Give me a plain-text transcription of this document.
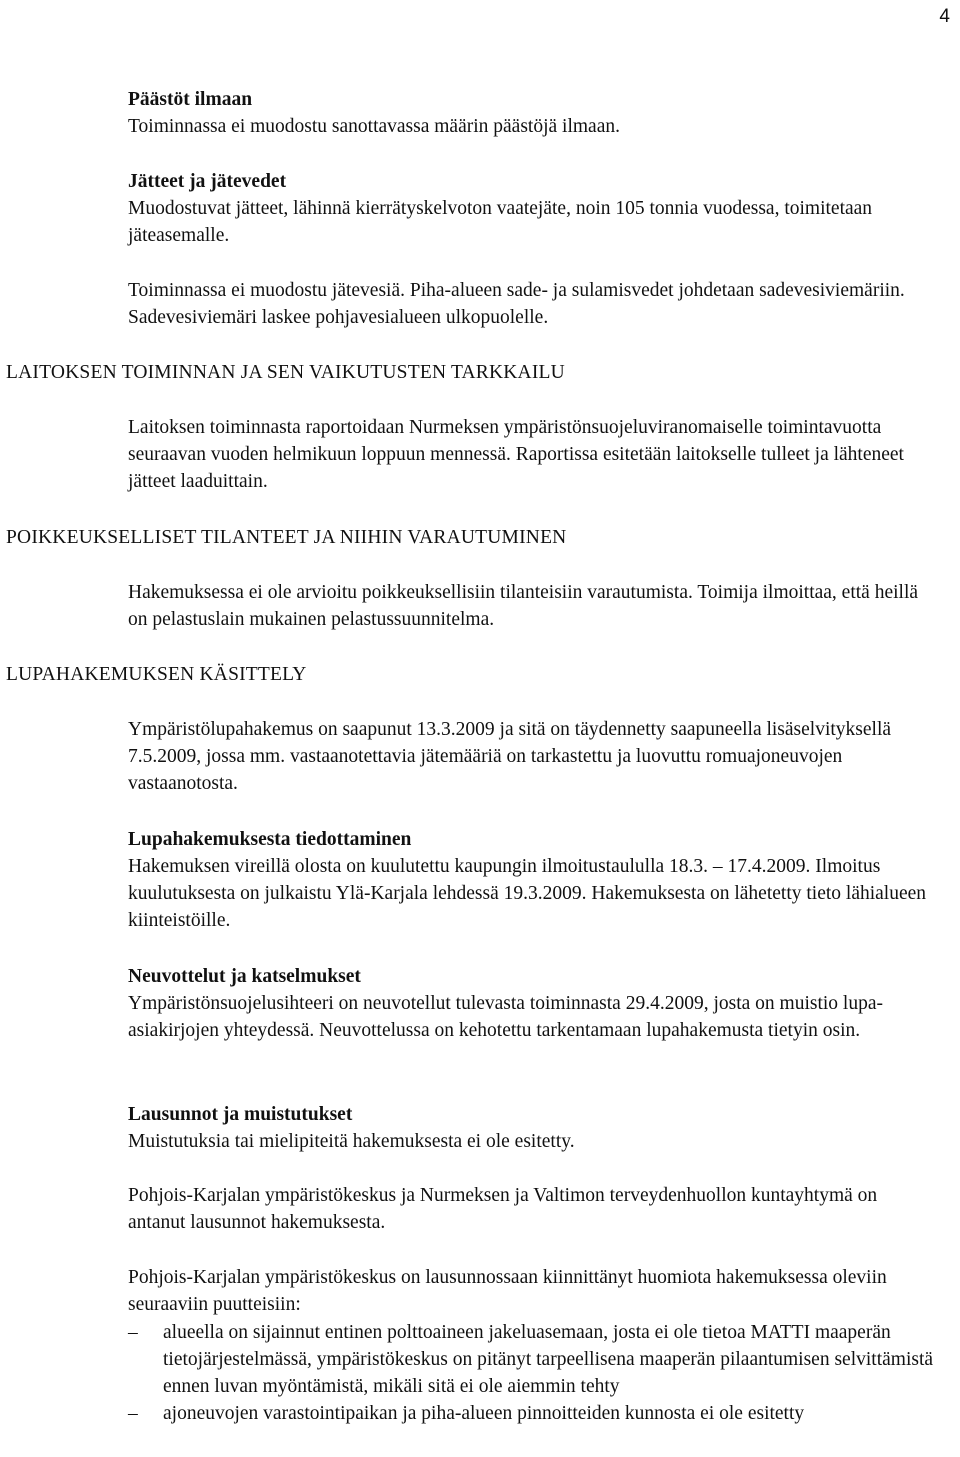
4

Päästöt ilmaan

Toiminnassa ei muodostu sanottavassa määrin päästöjä ilmaan.

Jätteet ja jätevedet

Muodostuvat jätteet, lähinnä kierrätyskelvoton vaatejäte, noin 105 tonnia vuodessa, toimitetaan jäteasemalle.

Toiminnassa ei muodostu jätevesiä. Piha-alueen sade- ja sulamisvedet johdetaan sadevesiviemäriin. Sadevesiviemäri laskee pohjavesialueen ulkopuolelle.

LAITOKSEN TOIMINNAN JA SEN VAIKUTUSTEN TARKKAILU

Laitoksen toiminnasta raportoidaan Nurmeksen ympäristönsuojeluviranomaiselle toimintavuotta seuraavan vuoden helmikuun loppuun mennessä. Raportissa esitetään laitokselle tulleet ja lähteneet jätteet laaduittain.

POIKKEUKSELLISET TILANTEET JA NIIHIN VARAUTUMINEN

Hakemuksessa ei ole arvioitu poikkeuksellisiin tilanteisiin varautumista. Toimija ilmoittaa, että heillä on pelastuslain mukainen pelastussuunnitelma.

LUPAHAKEMUKSEN KÄSITTELY

Ympäristölupahakemus on saapunut 13.3.2009 ja sitä on täydennetty saapuneella lisäselvityksellä 7.5.2009, jossa mm. vastaanotettavia jätemääriä on tarkastettu ja luovuttu romuajoneuvojen vastaanotosta.

Lupahakemuksesta tiedottaminen

Hakemuksen vireillä olosta on kuulutettu kaupungin ilmoitustaululla 18.3. – 17.4.2009. Ilmoitus kuulutuksesta on julkaistu Ylä-Karjala lehdessä 19.3.2009. Hakemuksesta on lähetetty tieto lähialueen kiinteistöille.

Neuvottelut ja katselmukset

Ympäristönsuojelusihteeri on neuvotellut tulevasta toiminnasta 29.4.2009, josta on muistio lupa-asiakirjojen yhteydessä. Neuvottelussa on kehotettu tarkentamaan lupahakemusta tietyin osin.

Lausunnot ja muistutukset

Muistutuksia tai mielipiteitä hakemuksesta ei ole esitetty.

Pohjois-Karjalan ympäristökeskus ja Nurmeksen ja Valtimon terveydenhuollon kuntayhtymä on antanut lausunnot hakemuksesta.

Pohjois-Karjalan ympäristökeskus on lausunnossaan kiinnittänyt huomiota hakemuksessa oleviin seuraaviin puutteisiin:

– alueella on sijainnut entinen polttoaineen jakeluasemaan, josta ei ole tietoa MATTI maaperän tietojärjestelmässä, ympäristökeskus on pitänyt tarpeellisena maaperän pilaantumisen selvittämistä ennen luvan myöntämistä, mikäli sitä ei ole aiemmin tehty
– ajoneuvojen varastointipaikan ja piha-alueen pinnoitteiden kunnosta ei ole esitetty
